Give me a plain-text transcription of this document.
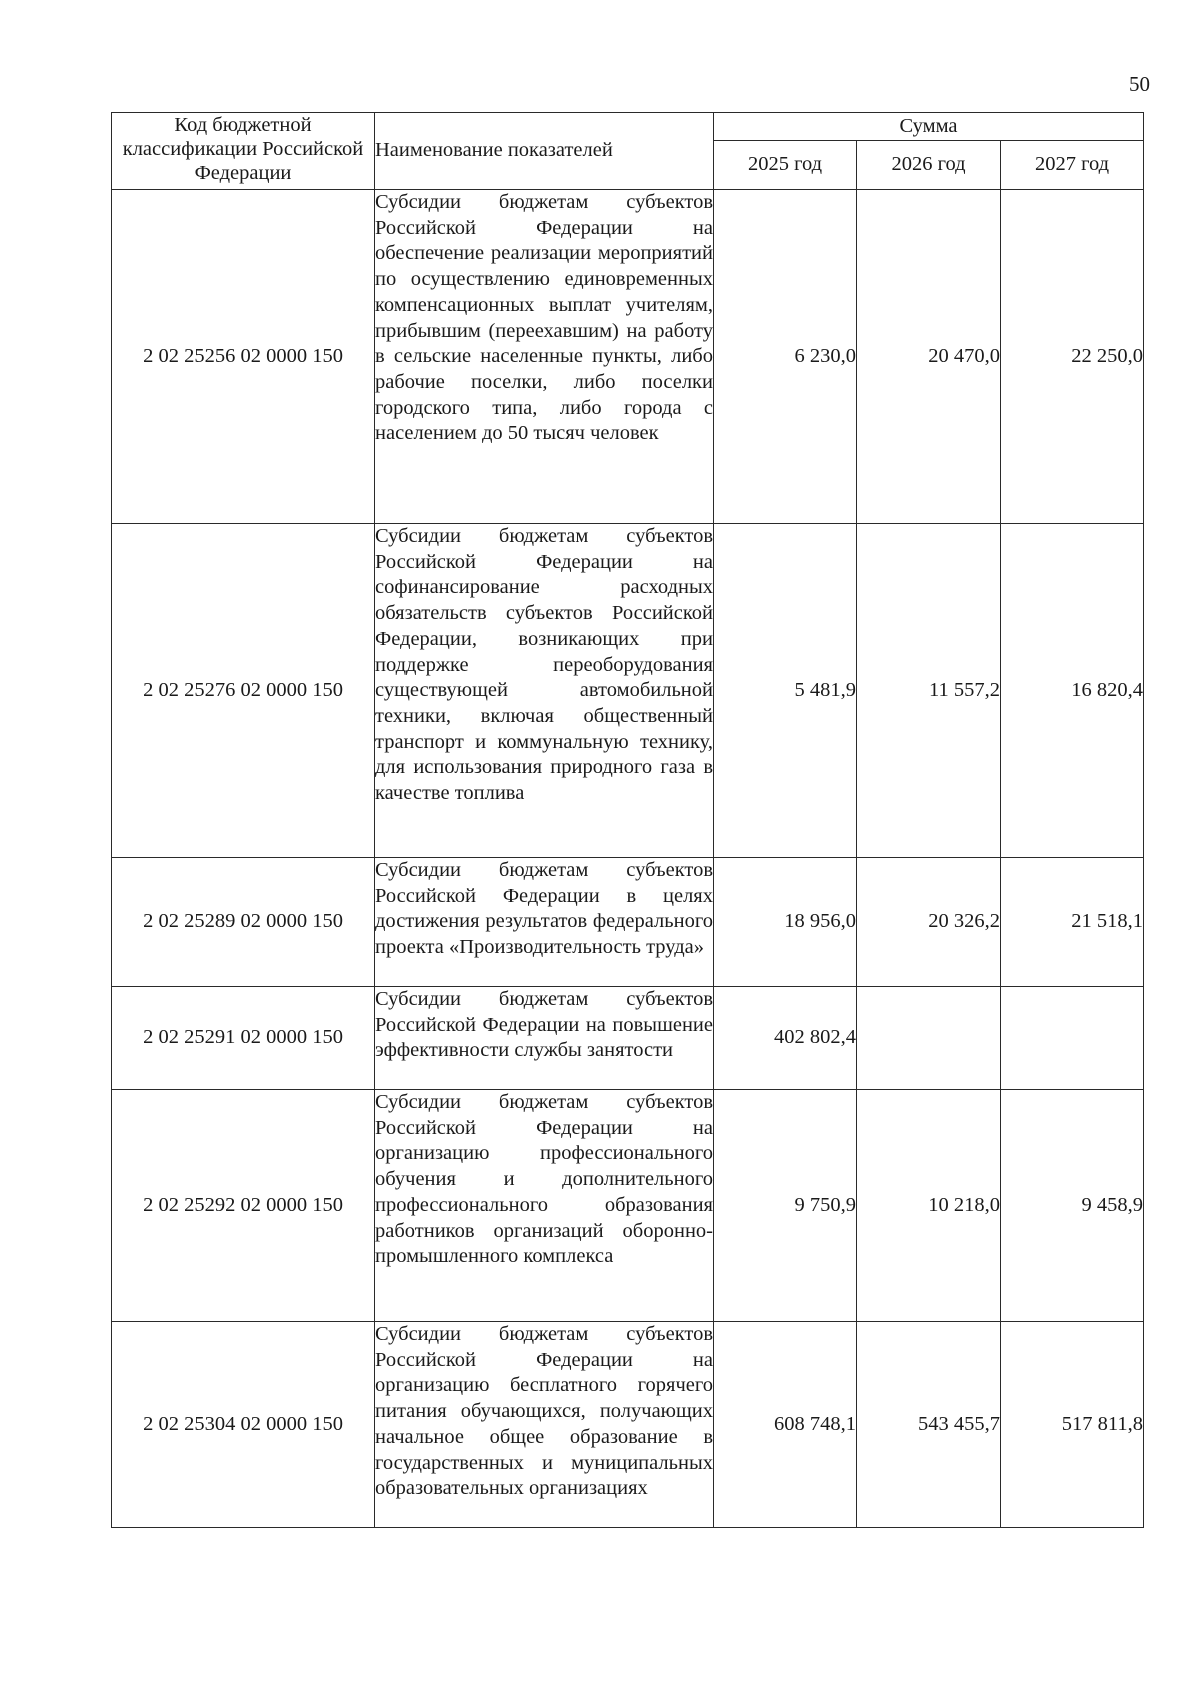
50
Код бюджетной классификации Российской Федерации	Наименование показателей	Сумма		
		2025 год	2026 год	2027 год
2 02 25256 02 0000 150	Субсидии бюджетам субъектов Российской Федерации на обеспечение реализации мероприятий по осуществлению единовременных компенсационных выплат учителям, прибывшим (переехавшим) на работу в сельские населенные пункты, либо рабочие поселки, либо поселки городского типа, либо города с населением до 50 тысяч человек	6 230,0	20 470,0	22 250,0
2 02 25276 02 0000 150	Субсидии бюджетам субъектов Российской Федерации на софинансирование расходных обязательств субъектов Российской Федерации, возникающих при поддержке переоборудования существующей автомобильной техники, включая общественный транспорт и коммунальную технику, для использования природного газа в качестве топлива	5 481,9	11 557,2	16 820,4
2 02 25289 02 0000 150	Субсидии бюджетам субъектов Российской Федерации в целях достижения результатов федерального проекта «Производительность труда»	18 956,0	20 326,2	21 518,1
2 02 25291 02 0000 150	Субсидии бюджетам субъектов Российской Федерации на повышение эффективности службы занятости	402 802,4		
2 02 25292 02 0000 150	Субсидии бюджетам субъектов Российской Федерации на организацию профессионального обучения и дополнительного профессионального образования работников организаций оборонно-промышленного комплекса	9 750,9	10 218,0	9 458,9
2 02 25304 02 0000 150	Субсидии бюджетам субъектов Российской Федерации на организацию бесплатного горячего питания обучающихся, получающих начальное общее образование в государственных и муниципальных образовательных организациях	608 748,1	543 455,7	517 811,8
